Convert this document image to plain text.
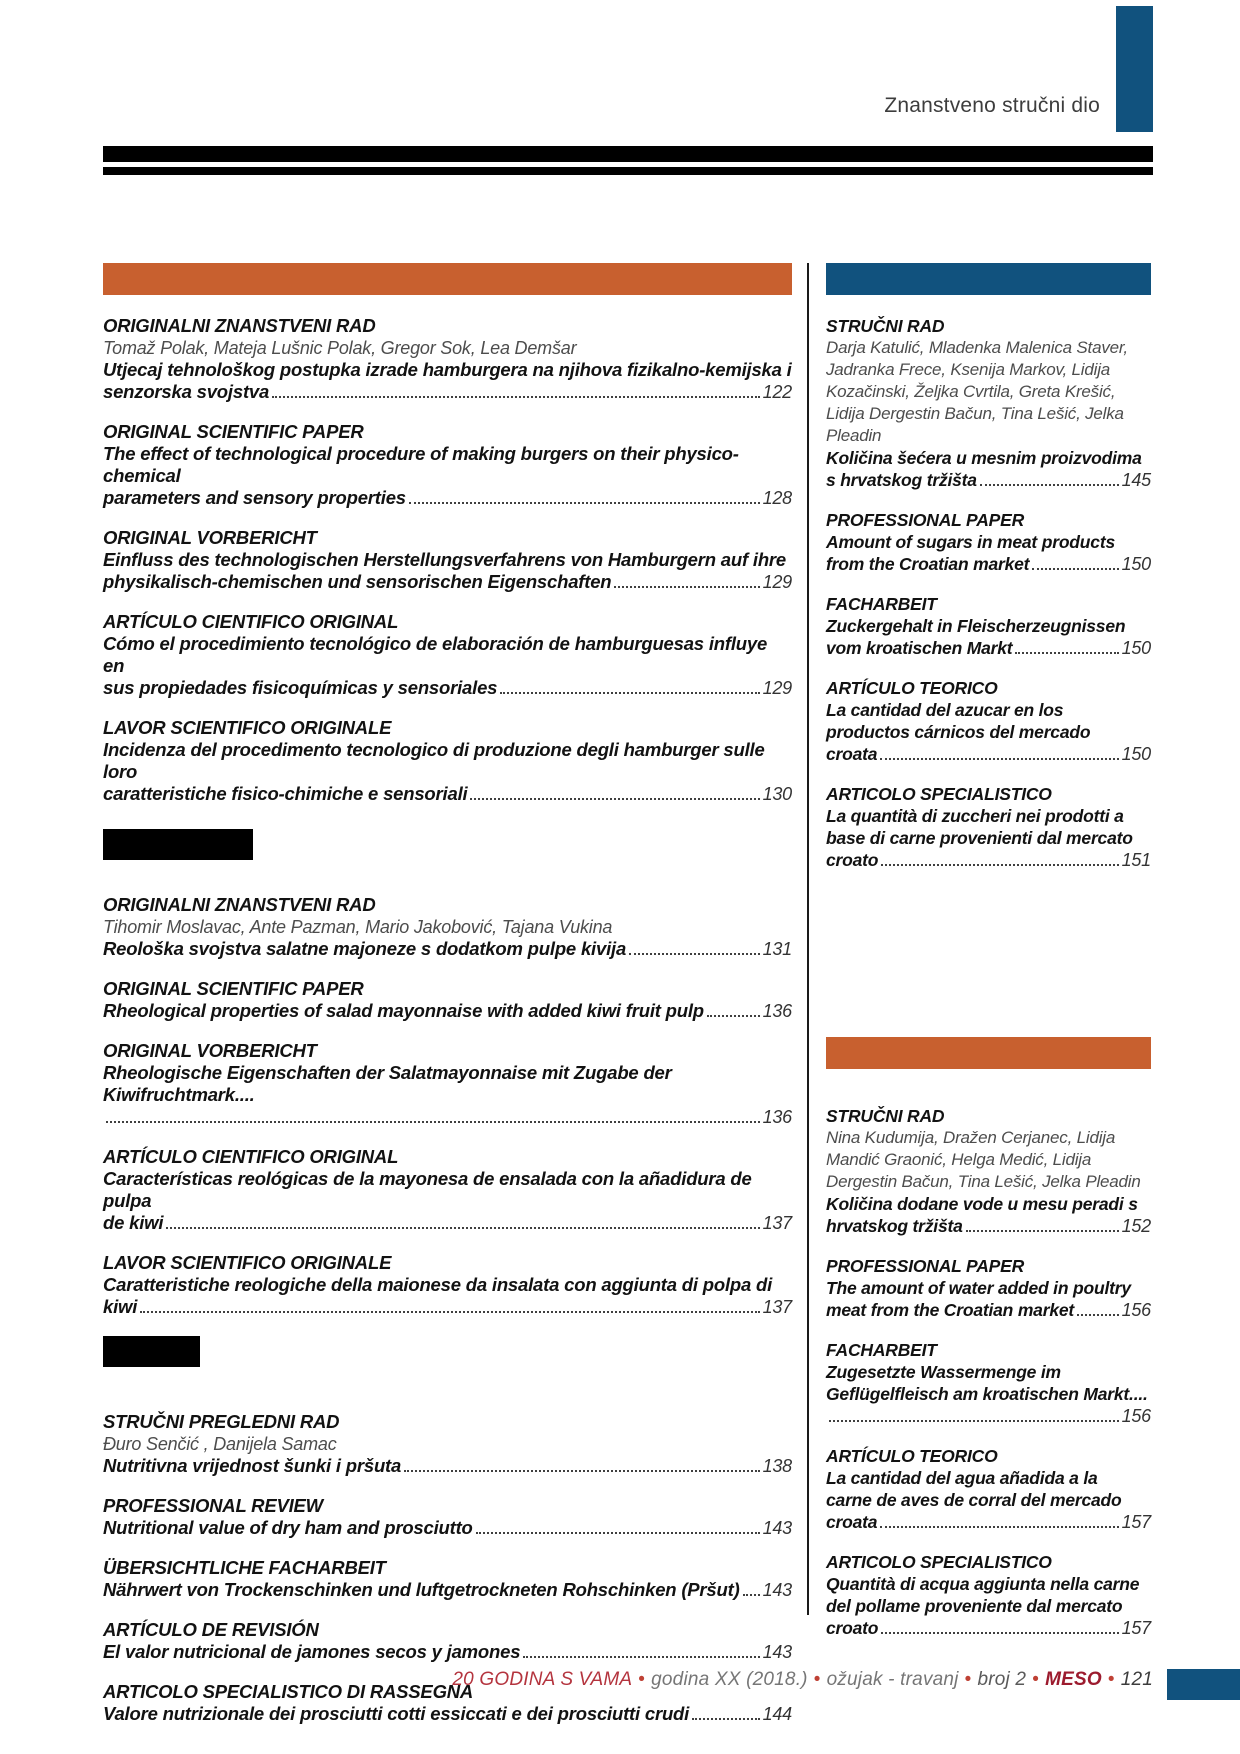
Znanstveno stručni dio
ORIGINALNI ZNANSTVENI RAD
Tomaž Polak, Mateja Lušnic Polak, Gregor Sok, Lea Demšar
Utjecaj tehnološkog postupka izrade hamburgera na njihova fizikalno-kemijska i
senzorska svojstva	122
ORIGINAL SCIENTIFIC PAPER
The effect of technological procedure of making burgers on their physico-chemical
parameters and sensory properties	128
ORIGINAL VORBERICHT
Einfluss des technologischen Herstellungsverfahrens von Hamburgern auf ihre
physikalisch-chemischen und sensorischen Eigenschaften	129
ARTÍCULO CIENTIFICO ORIGINAL
Cómo el procedimiento tecnológico de elaboración de hamburguesas influye en
sus propiedades fisicoquímicas y sensoriales	129
LAVOR SCIENTIFICO ORIGINALE
Incidenza del procedimento tecnologico di produzione degli hamburger sulle loro
caratteristiche fisico-chimiche e sensoriali	130
ORIGINALNI ZNANSTVENI RAD
Tihomir Moslavac, Ante Pazman, Mario Jakobović, Tajana Vukina
Reološka svojstva salatne majoneze s dodatkom pulpe kivija	131
ORIGINAL SCIENTIFIC PAPER
Rheological properties of salad mayonnaise with added kiwi fruit pulp	136
ORIGINAL VORBERICHT
Rheologische Eigenschaften der Salatmayonnaise mit Zugabe der Kiwifruchtmark....
136
ARTÍCULO CIENTIFICO ORIGINAL
Características reológicas de la mayonesa de ensalada con la añadidura de pulpa
de kiwi	137
LAVOR SCIENTIFICO ORIGINALE
Caratteristiche reologiche della maionese da insalata con aggiunta di polpa di
kiwi	137
STRUČNI PREGLEDNI RAD
Đuro Senčić , Danijela Samac
Nutritivna vrijednost šunki i pršuta	138
PROFESSIONAL REVIEW
Nutritional value of dry ham and prosciutto	143
ÜBERSICHTLICHE FACHARBEIT
Nährwert von Trockenschinken und luftgetrockneten Rohschinken (Pršut) 143
ARTÍCULO DE REVISIÓN
El valor nutricional de jamones secos y jamones	143
ARTICOLO SPECIALISTICO DI RASSEGNA
Valore nutrizionale dei prosciutti cotti essiccati e dei prosciutti crudi	144
STRUČNI RAD
Darja Katulić, Mladenka Malenica Staver, Jadranka Frece, Ksenija Markov, Lidija Kozačinski, Željka Cvrtila, Greta Krešić, Lidija Dergestin Bačun, Tina Lešić, Jelka Pleadin
Količina šećera u mesnim proizvodima
s hrvatskog tržišta	145
PROFESSIONAL PAPER
Amount of sugars in meat products
from the Croatian market	150
FACHARBEIT
Zuckergehalt in Fleischerzeugnissen
vom kroatischen Markt	150
ARTÍCULO TEORICO
La cantidad del azucar en los
productos cárnicos del mercado
croata	150
ARTICOLO SPECIALISTICO
La quantità di zuccheri nei prodotti a
base di carne provenienti dal mercato
croato	151
STRUČNI RAD
Nina Kudumija, Dražen Cerjanec, Lidija Mandić Graonić, Helga Medić, Lidija Dergestin Bačun, Tina Lešić, Jelka Pleadin
Količina dodane vode u mesu peradi s
hrvatskog tržišta	152
PROFESSIONAL PAPER
The amount of water added in poultry
meat from the Croatian market	156
FACHARBEIT
Zugesetzte Wassermenge im
Geflügelfleisch am kroatischen Markt....
156
ARTÍCULO TEORICO
La cantidad del agua añadida a la
carne de aves de corral del mercado
croata	157
ARTICOLO SPECIALISTICO
Quantità di acqua aggiunta nella carne
del pollame proveniente dal mercato
croato	157
20 GODINA S VAMA • godina XX (2018.) • ožujak - travanj • broj 2 • MESO • 121
